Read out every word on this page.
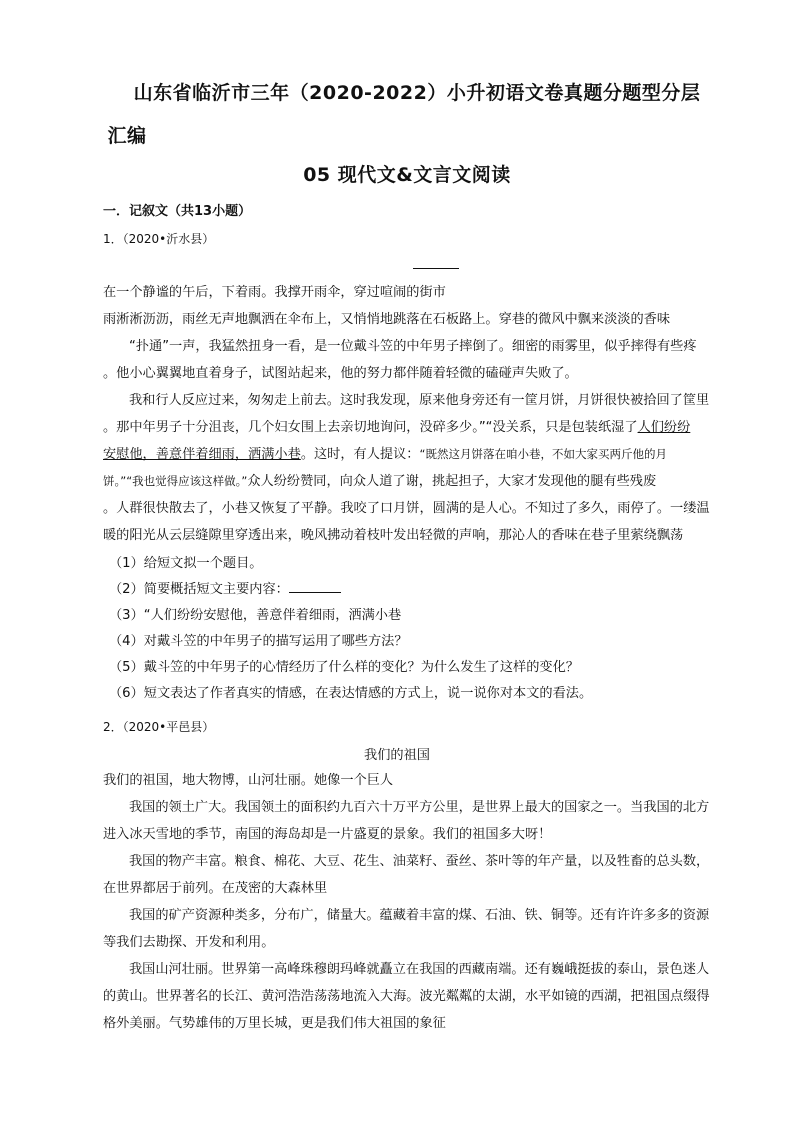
山东省临沂市三年（2020-2022）小升初语文卷真题分题型分层
汇编
05 现代文&文言文阅读
一．记叙文（共13小题）
1．（2020•沂水县）
在一个静谧的午后，下着雨。我撑开雨伞，穿过喧闹的街市
雨淅淅沥沥，雨丝无声地飘洒在伞布上，又悄悄地跳落在石板路上。穿巷的微风中飘来淡淡的香味
“扑通”一声，我猛然扭身一看，是一位戴斗笠的中年男子摔倒了。细密的雨雾里，似乎摔得有些疼
。他小心翼翼地直着身子，试图站起来，他的努力都伴随着轻微的磕碰声失败了。
我和行人反应过来，匆匆走上前去。这时我发现，原来他身旁还有一筐月饼，月饼很快被拾回了筐里
。那中年男子十分沮丧，几个妇女围上去亲切地询问，没碎多少。”“没关系，只是包装纸湿了人们纷纷
安慰他，善意伴着细雨，洒满小巷。这时，有人提议：“既然这月饼落在咱小巷，不如大家买两斤他的月
饼。”“我也觉得应该这样做。”众人纷纷赞同，向众人道了谢，挑起担子，大家才发现他的腿有些残废
。人群很快散去了，小巷又恢复了平静。我咬了口月饼，圆满的是人心。不知过了多久，雨停了。一缕温
暖的阳光从云层缝隙里穿透出来，晚风拂动着枝叶发出轻微的声响，那沁人的香味在巷子里萦绕飘荡
（1）给短文拟一个题目。
（2）简要概括短文主要内容：
（3）“人们纷纷安慰他，善意伴着细雨，洒满小巷
（4）对戴斗笠的中年男子的描写运用了哪些方法？
（5）戴斗笠的中年男子的心情经历了什么样的变化？为什么发生了这样的变化？
（6）短文表达了作者真实的情感，在表达情感的方式上，说一说你对本文的看法。
2．（2020•平邑县）
我们的祖国
我们的祖国，地大物博，山河壮丽。她像一个巨人
我国的领土广大。我国领土的面积约九百六十万平方公里，是世界上最大的国家之一。当我国的北方
进入冰天雪地的季节，南国的海岛却是一片盛夏的景象。我们的祖国多大呀！
我国的物产丰富。粮食、棉花、大豆、花生、油菜籽、蚕丝、茶叶等的年产量，以及牲畜的总头数，
在世界都居于前列。在茂密的大森林里
我国的矿产资源种类多，分布广，储量大。蕴藏着丰富的煤、石油、铁、铜等。还有许许多多的资源
等我们去勘探、开发和利用。
我国山河壮丽。世界第一高峰珠穆朗玛峰就矗立在我国的西藏南端。还有巍峨挺拔的泰山，景色迷人
的黄山。世界著名的长江、黄河浩浩荡荡地流入大海。波光粼粼的太湖，水平如镜的西湖，把祖国点缀得
格外美丽。气势雄伟的万里长城，更是我们伟大祖国的象征
